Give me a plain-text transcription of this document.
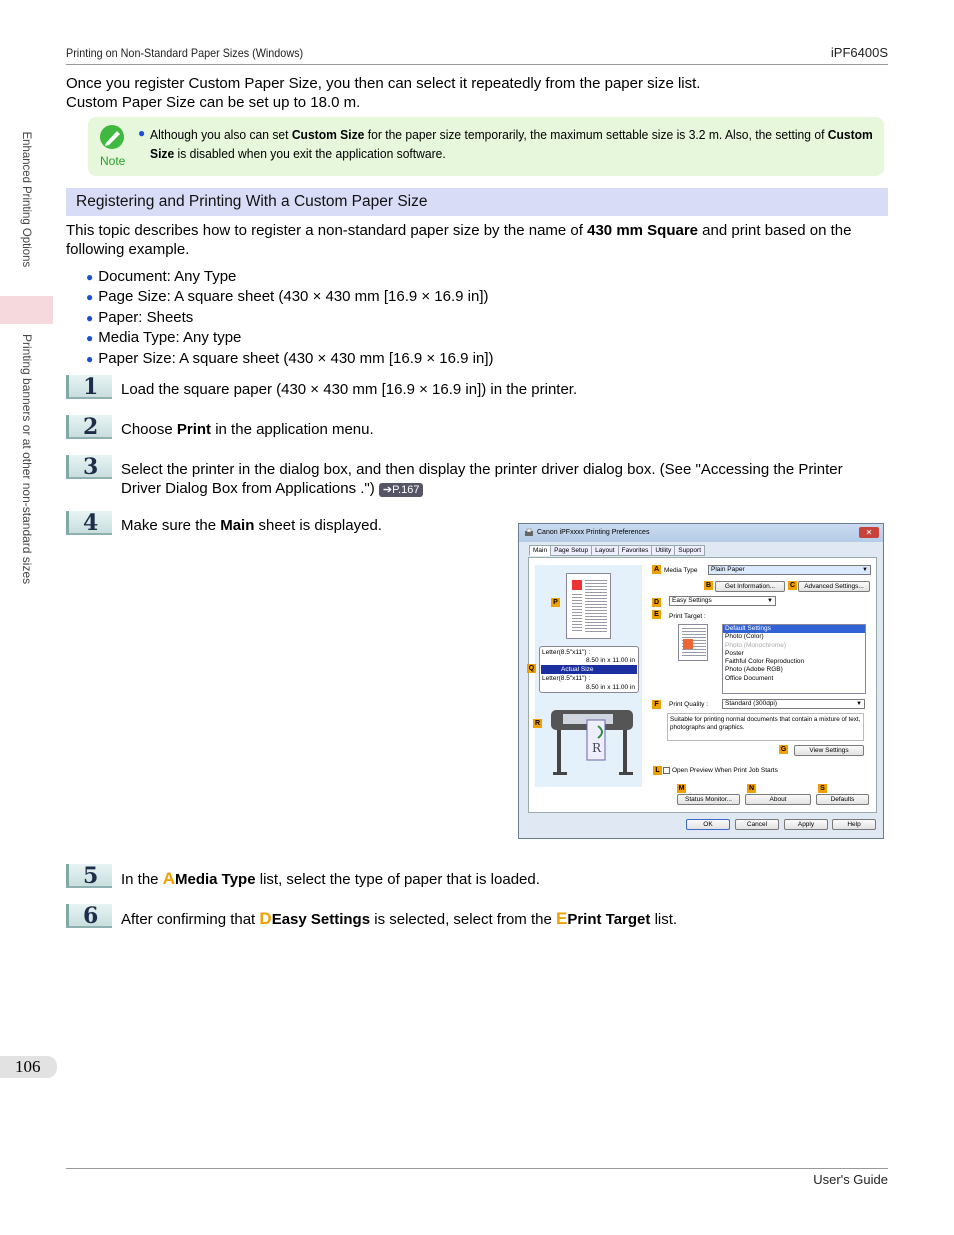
Printing on Non-Standard Paper Sizes (Windows)	iPF6400S
Enhanced Printing Options
Printing banners or at other non-standard sizes
Once you register Custom Paper Size, you then can select it repeatedly from the paper size list.
Custom Paper Size can be set up to 18.0 m.
Note
● Although you also can set Custom Size for the paper size temporarily, the maximum settable size is 3.2 m. Also, the setting of Custom Size is disabled when you exit the application software.
Registering and Printing With a Custom Paper Size
This topic describes how to register a non-standard paper size by the name of 430 mm Square and print based on the following example.
● Document: Any Type
● Page Size: A square sheet (430 × 430 mm [16.9 × 16.9 in])
● Paper: Sheets
● Media Type: Any type
● Paper Size: A square sheet (430 × 430 mm [16.9 × 16.9 in])
1	Load the square paper (430 × 430 mm [16.9 × 16.9 in]) in the printer.
2	Choose Print in the application menu.
3	Select the printer in the dialog box, and then display the printer driver dialog box. (See "Accessing the Printer Driver Dialog Box from Applications .") ➔P.167
4	Make sure the Main sheet is displayed.	Canon iPFxxxx Printing Preferences	✕
Main Page Setup Layout Favorites Utility Support
P
Letter(8.5"x11") :
8.50 in x 11.00 in
Actual Size
Letter(8.5"x11") :
8.50 in x 11.00 in
Q
R
R
A Media Type	Plain Paper	▼
B	Get Information...	C	Advanced Settings...
D	Easy Settings	▼
E	Print Target :
Default Settings
Photo (Color)
Photo (Monochrome)
Poster
Faithful Color Reproduction
Photo (Adobe RGB)
Office Document
F	Print Quality :	Standard (300dpi)	▼
Suitable for printing normal documents that contain a mixture of text, photographs and graphics.
G	View Settings
L	Open Preview When Print Job Starts
M
Status Monitor...
N
About
S
Defaults
OK	Cancel	Apply	Help
5	In the AMedia Type list, select the type of paper that is loaded.
6	After confirming that DEasy Settings is selected, select from the EPrint Target list.
106
User's Guide
